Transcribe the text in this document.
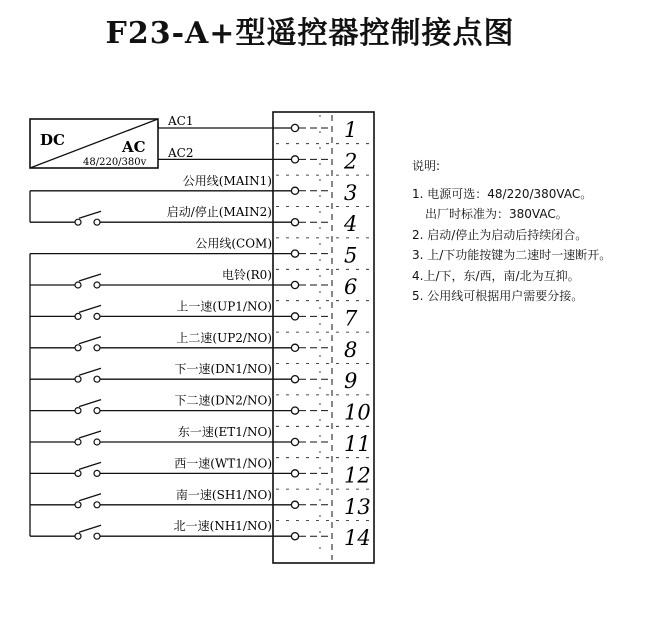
F23-A+型遥控器控制接点图
DC	AC
48/220/380v
AC1
AC2
1
2
3
公用线(MAIN1)
4
启动/停止(MAIN2)
5
公用线(COM)
6
电铃(R0)
7
上一速(UP1/NO)
8
上二速(UP2/NO)
9
下一速(DN1/NO)
10
下二速(DN2/NO)
11
东一速(ET1/NO)
12
西一速(WT1/NO)
13
南一速(SH1/NO)
14
北一速(NH1/NO)
说明:
1. 电源可选：48/220/380VAC。
出厂时标准为：380VAC。
2. 启动/停止为启动后持续闭合。
3. 上/下功能按键为二速时一速断开。
4.上/下，东/西，南/北为互抑。
5. 公用线可根据用户需要分接。
